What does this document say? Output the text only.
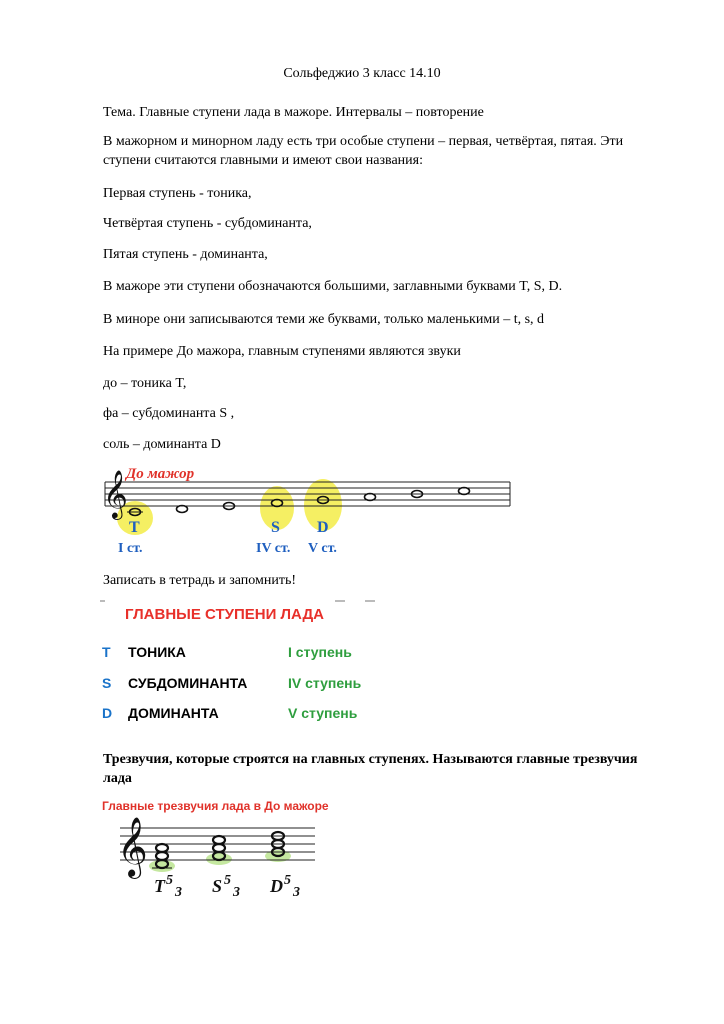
Сольфеджио 3 класс 14.10
Тема. Главные ступени лада в мажоре. Интервалы – повторение
В мажорном и минорном ладу есть три особые ступени – первая, четвёртая, пятая. Эти ступени считаются главными и имеют свои названия:
Первая ступень - тоника,
Четвёртая ступень - субдоминанта,
Пятая ступень - доминанта,
В мажоре эти ступени обозначаются большими, заглавными буквами T, S, D.
В миноре они записываются теми же буквами, только маленькими – t, s, d
На примере До мажора, главным ступенями являются звуки
до – тоника T,
фа – субдоминанта S ,
соль – доминанта D
𝄞
До мажор
T	S D
I ст.	IV ст. V ст.
Записать в тетрадь и запомнить!
ГЛАВНЫЕ СТУПЕНИ ЛАДА
T ТОНИКА	I ступень
S СУБДОМИНАНТА	IV ступень
D ДОМИНАНТА	V ступень
Трезвучия, которые строятся на главных ступенях. Называются главные трезвучия лада
Главные трезвучия лада в До мажоре
𝄞
T 5
3 S 5
3 D 5
3
